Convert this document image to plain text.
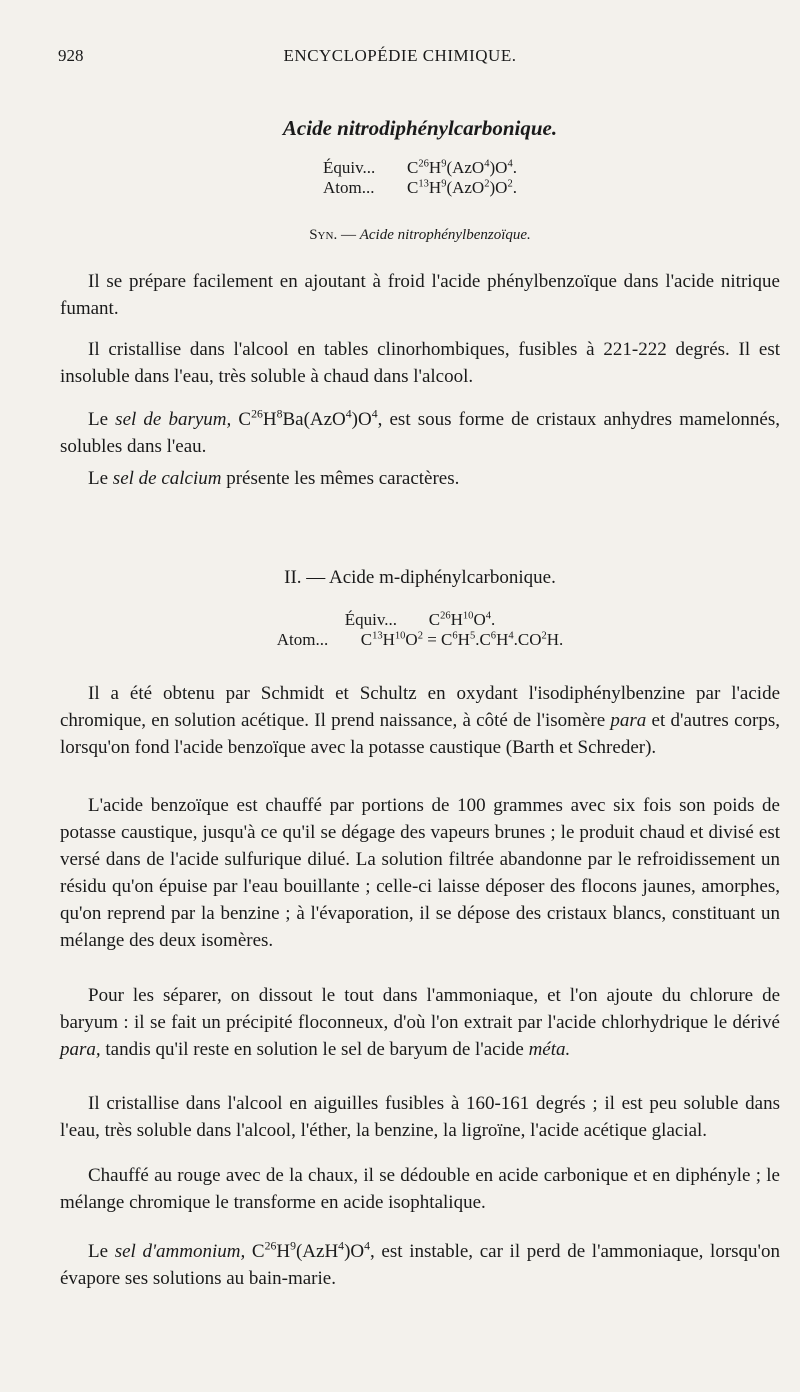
928	ENCYCLOPÉDIE CHIMIQUE.
Acide nitrodiphénylcarbonique.
Équiv... $C^{26}H^9(AzO^4)O^4$.
Atom... $C^{13}H^9(AzO^2)O^2$.
Syn. — Acide nitrophénylbenzoïque.

Il se prépare facilement en ajoutant à froid l'acide phénylbenzoïque dans l'acide nitrique fumant.

Il cristallise dans l'alcool en tables clinorhombiques, fusibles à 221-222 degrés. Il est insoluble dans l'eau, très soluble à chaud dans l'alcool.

Le sel de baryum, $C^{26}H^8Ba(AzO^4)O^4$, est sous forme de cristaux anhydres mamelonnés, solubles dans l'eau.

Le sel de calcium présente les mêmes caractères.

II. — Acide m-diphénylcarbonique.
Équiv... $C^{26}H^{10}O^4$.
Atom... $C^{13}H^{10}O^2 = C^6H^5.C^6H^4.CO^2H$.

Il a été obtenu par Schmidt et Schultz en oxydant l'isodiphénylbenzine par l'acide chromique, en solution acétique. Il prend naissance, à côté de l'isomère para et d'autres corps, lorsqu'on fond l'acide benzoïque avec la potasse caustique (Barth et Schreder).

L'acide benzoïque est chauffé par portions de 100 grammes avec six fois son poids de potasse caustique, jusqu'à ce qu'il se dégage des vapeurs brunes ; le produit chaud et divisé est versé dans de l'acide sulfurique dilué. La solution filtrée abandonne par le refroidissement un résidu qu'on épuise par l'eau bouillante ; celle-ci laisse déposer des flocons jaunes, amorphes, qu'on reprend par la benzine ; à l'évaporation, il se dépose des cristaux blancs, constituant un mélange des deux isomères.

Pour les séparer, on dissout le tout dans l'ammoniaque, et l'on ajoute du chlorure de baryum : il se fait un précipité floconneux, d'où l'on extrait par l'acide chlorhydrique le dérivé para, tandis qu'il reste en solution le sel de baryum de l'acide méta.

Il cristallise dans l'alcool en aiguilles fusibles à 160-161 degrés ; il est peu soluble dans l'eau, très soluble dans l'alcool, l'éther, la benzine, la ligroïne, l'acide acétique glacial.

Chauffé au rouge avec de la chaux, il se dédouble en acide carbonique et en diphényle ; le mélange chromique le transforme en acide isophtalique.

Le sel d'ammonium, $C^{26}H^9(AzH^4)O^4$, est instable, car il perd de l'ammoniaque, lorsqu'on évapore ses solutions au bain-marie.
